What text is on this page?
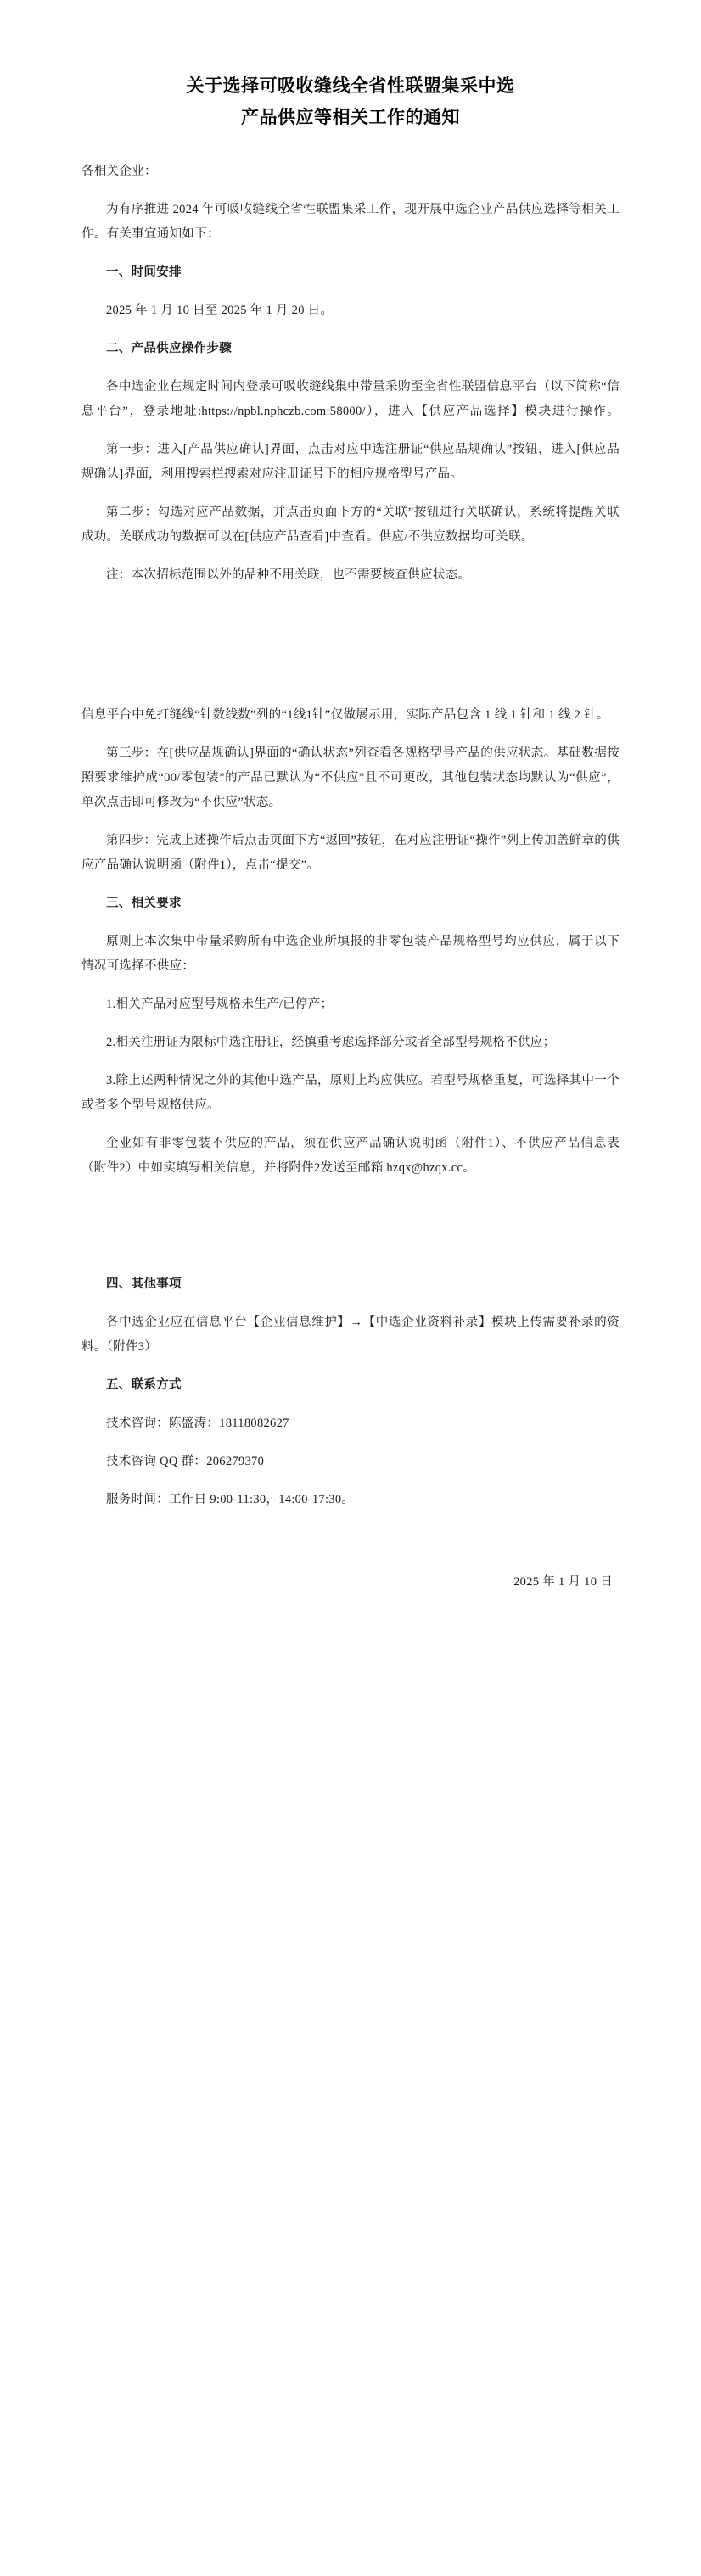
关于选择可吸收缝线全省性联盟集采中选
产品供应等相关工作的通知

各相关企业：

为有序推进 2024 年可吸收缝线全省性联盟集采工作，现开展中选企业产品供应选择等相关工作。有关事宜通知如下：

一、时间安排

2025 年 1 月 10 日至 2025 年 1 月 20 日。

二、产品供应操作步骤

各中选企业在规定时间内登录可吸收缝线集中带量采购至全省性联盟信息平台（以下简称“信息平台”，登录地址:https://npbl.nphczb.com:58000/），进入【供应产品选择】模块进行操作。

第一步：进入[产品供应确认]界面，点击对应中选注册证“供应品规确认”按钮，进入[供应品规确认]界面，利用搜索栏搜索对应注册证号下的相应规格型号产品。

第二步：勾选对应产品数据，并点击页面下方的“关联”按钮进行关联确认，系统将提醒关联成功。关联成功的数据可以在[供应产品查看]中查看。供应/不供应数据均可关联。

注：本次招标范围以外的品种不用关联，也不需要核查供应状态。

信息平台中免打缝线“针数线数”列的“1线1针”仅做展示用，实际产品包含 1 线 1 针和 1 线 2 针。

第三步：在[供应品规确认]界面的“确认状态”列查看各规格型号产品的供应状态。基础数据按照要求维护成“00/零包装”的产品已默认为“不供应”且不可更改，其他包装状态均默认为“供应”，单次点击即可修改为“不供应”状态。

第四步：完成上述操作后点击页面下方“返回”按钮，在对应注册证“操作”列上传加盖鲜章的供应产品确认说明函（附件1），点击“提交”。

三、相关要求

原则上本次集中带量采购所有中选企业所填报的非零包装产品规格型号均应供应，属于以下情况可选择不供应：

1.相关产品对应型号规格未生产/已停产；

2.相关注册证为限标中选注册证，经慎重考虑选择部分或者全部型号规格不供应；

3.除上述两种情况之外的其他中选产品，原则上均应供应。若型号规格重复，可选择其中一个或者多个型号规格供应。

企业如有非零包装不供应的产品，须在供应产品确认说明函（附件1）、不供应产品信息表（附件2）中如实填写相关信息，并将附件2发送至邮箱 hzqx@hzqx.cc。

四、其他事项

各中选企业应在信息平台【企业信息维护】→【中选企业资料补录】模块上传需要补录的资料。（附件3）

五、联系方式

技术咨询：陈盛涛：18118082627

技术咨询 QQ 群：206279370

服务时间：工作日 9:00-11:30，14:00-17:30。

2025 年 1 月 10 日
